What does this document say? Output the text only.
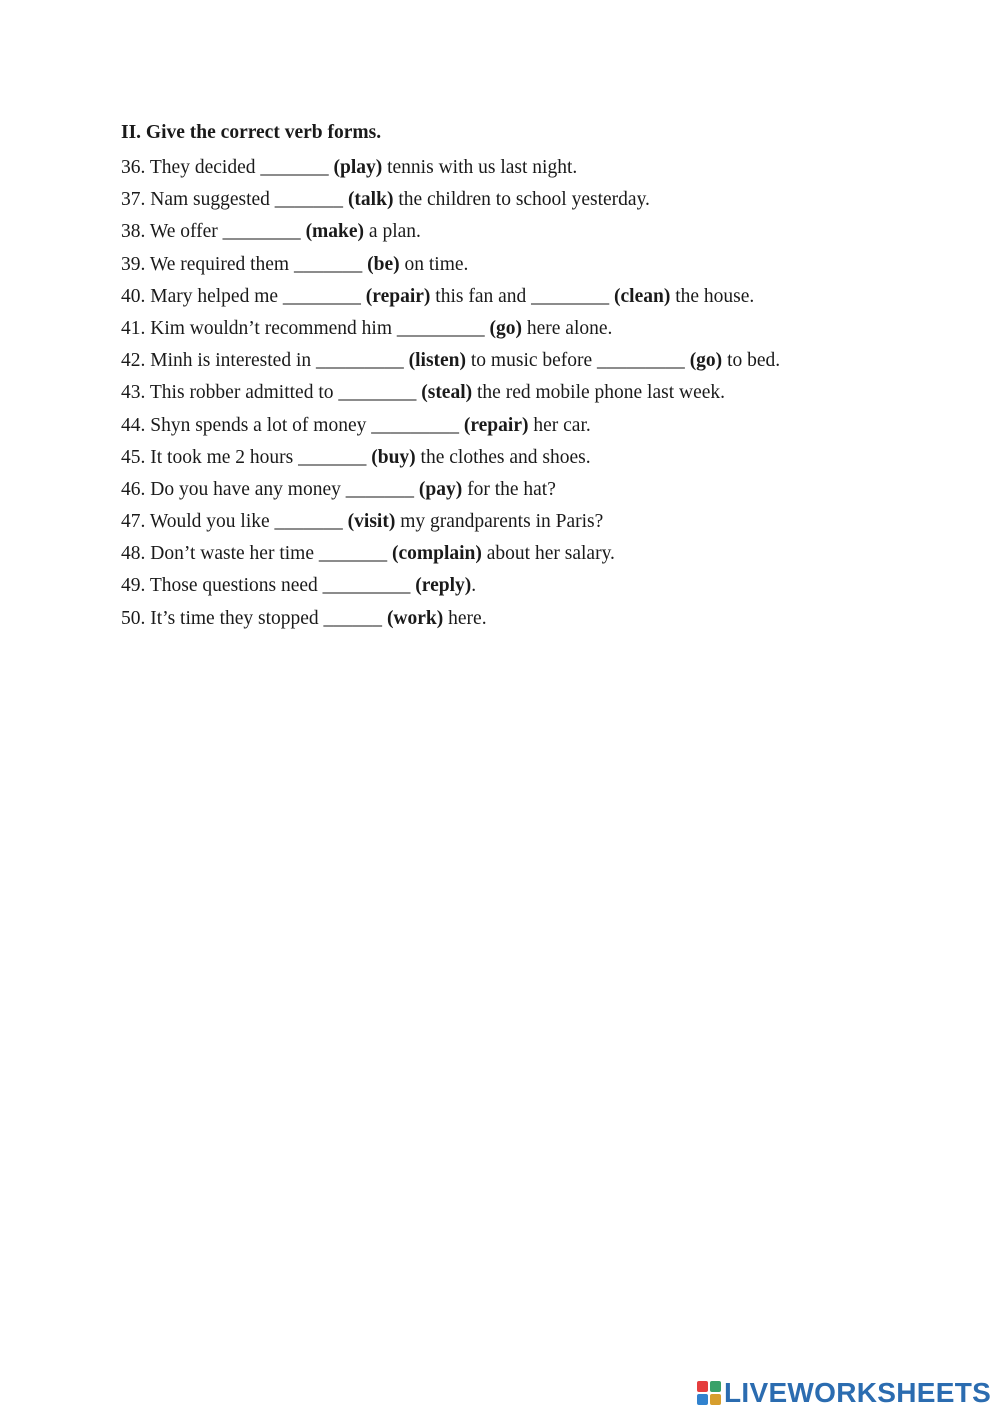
II. Give the correct verb forms.
36. They decided _______ (play) tennis with us last night.
37. Nam suggested _______ (talk) the children to school yesterday.
38. We offer ________ (make) a plan.
39. We required them _______ (be) on time.
40. Mary helped me ________ (repair) this fan and ________ (clean) the house.
41. Kim wouldn’t recommend him _________ (go) here alone.
42. Minh is interested in _________ (listen) to music before _________ (go) to bed.
43. This robber admitted to ________ (steal) the red mobile phone last week.
44. Shyn spends a lot of money _________ (repair) her car.
45. It took me 2 hours _______ (buy) the clothes and shoes.
46. Do you have any money _______ (pay) for the hat?
47. Would you like _______ (visit) my grandparents in Paris?
48. Don’t waste her time _______ (complain) about her salary.
49. Those questions need _________ (reply).
50. It’s time they stopped ______ (work) here.
LIVEWORKSHEETS
